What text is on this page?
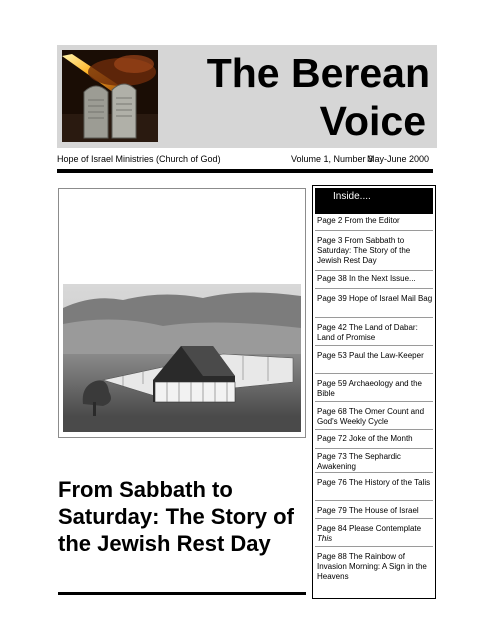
The Berean
Voice
Hope of Israel Ministries (Church of God)	Volume 1, Number 3
May-June 2000
From Sabbath to Saturday: The Story of the Jewish Rest Day
Inside....
Page 2 From the Editor
Page 3 From Sabbath to Saturday: The Story of the Jewish Rest Day
Page 38 In the Next Issue...
Page 39 Hope of Israel Mail Bag
Page 42 The Land of Dabar: Land of Promise
Page 53 Paul the Law-Keeper
Page 59 Archaeology and the Bible
Page 68 The Omer Count and God's Weekly Cycle
Page 72 Joke of the Month
Page 73 The Sephardic Awakening
Page 76 The History of the Talis
Page 79 The House of Israel
Page 84 Please Contemplate
This
Page 88 The Rainbow of Invasion Morning: A Sign in the Heavens
